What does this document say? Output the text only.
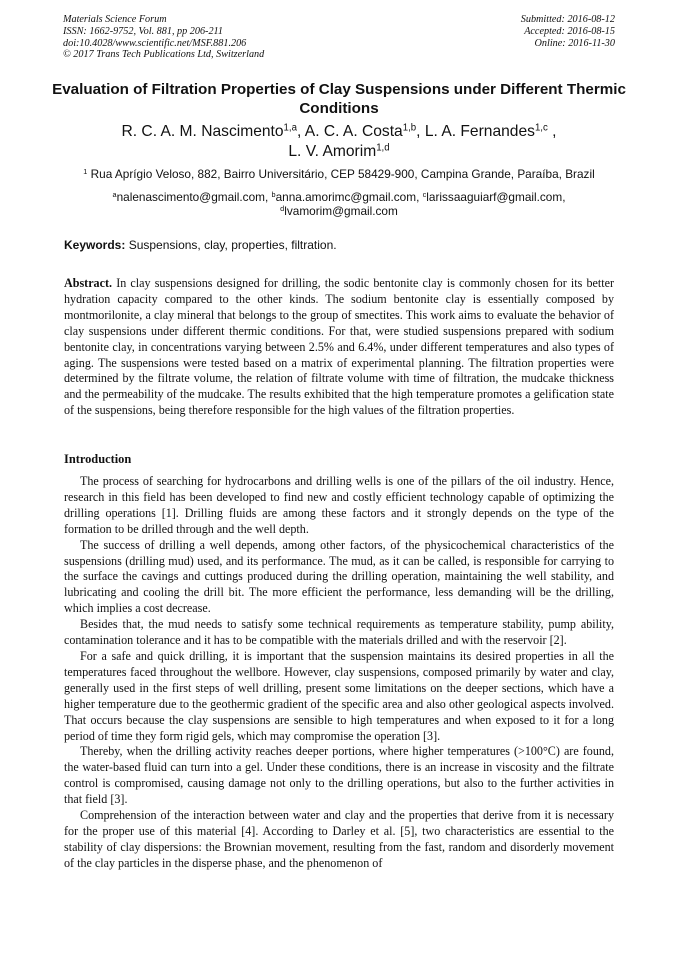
Materials Science Forum
ISSN: 1662-9752, Vol. 881, pp 206-211
doi:10.4028/www.scientific.net/MSF.881.206
© 2017 Trans Tech Publications Ltd, Switzerland
Submitted: 2016-08-12
Accepted: 2016-08-15
Online: 2016-11-30
Evaluation of Filtration Properties of Clay Suspensions under Different Thermic Conditions
R. C. A. M. Nascimento$^{1,a}$, A. C. A. Costa$^{1,b}$, L. A. Fernandes$^{1,c}$ ,
L. V. Amorim$^{1,d}$
$^1$ Rua Aprígio Veloso, 882, Bairro Universitário, CEP 58429-900, Campina Grande, Paraíba, Brazil
$^a$nalenascimento@gmail.com, $^b$anna.amorimc@gmail.com, $^c$larissaaguiarf@gmail.com,
$^d$lvamorim@gmail.com
Keywords: Suspensions, clay, properties, filtration.
Abstract. In clay suspensions designed for drilling, the sodic bentonite clay is commonly chosen for its better hydration capacity compared to the other kinds. The sodium bentonite clay is essentially composed by montmorilonite, a clay mineral that belongs to the group of smectites. This work aims to evaluate the behavior of clay suspensions under different thermic conditions. For that, were studied suspensions prepared with sodium bentonite clay, in concentrations varying between 2.5% and 6.4%, under different temperatures and also types of aging. The suspensions were tested based on a matrix of experimental planning. The filtration properties were determined by the filtrate volume, the relation of filtrate volume with time of filtration, the mudcake thickness and the permeability of the mudcake. The results exhibited that the high temperature promotes a gelification state of the suspensions, being therefore responsible for the high values of the filtration properties.
Introduction

The process of searching for hydrocarbons and drilling wells is one of the pillars of the oil industry. Hence, research in this field has been developed to find new and costly efficient technology capable of optimizing the drilling operations [1]. Drilling fluids are among these factors and it strongly depends on the type of the formation to be drilled through and the well depth.

The success of drilling a well depends, among other factors, of the physicochemical characteristics of the suspensions (drilling mud) used, and its performance. The mud, as it can be called, is responsible for carrying to the surface the cavings and cuttings produced during the drilling operation, maintaining the well stability, and lubricating and cooling the drill bit. The more efficient the performance, less demanding will be the drilling, which implies a cost decrease.

Besides that, the mud needs to satisfy some technical requirements as temperature stability, pump ability, contamination tolerance and it has to be compatible with the materials drilled and with the reservoir [2].

For a safe and quick drilling, it is important that the suspension maintains its desired properties in all the temperatures faced throughout the wellbore. However, clay suspensions, composed primarily by water and clay, generally used in the first steps of well drilling, present some limitations on the deeper sections, which have a higher temperature due to the geothermic gradient of the specific area and also other geological aspects involved. That occurs because the clay suspensions are sensible to high temperatures and when exposed to it for a long period of time they form rigid gels, which may compromise the operation [3].

Thereby, when the drilling activity reaches deeper portions, where higher temperatures (>100°C) are found, the water-based fluid can turn into a gel. Under these conditions, there is an increase in viscosity and the filtrate control is compromised, causing damage not only to the drilling operations, but also to the further activities in that field [3].

Comprehension of the interaction between water and clay and the properties that derive from it is necessary for the proper use of this material [4]. According to Darley et al. [5], two characteristics are essential to the stability of clay dispersions: the Brownian movement, resulting from the fast, random and disorderly movement of the clay particles in the disperse phase, and the phenomenon of
